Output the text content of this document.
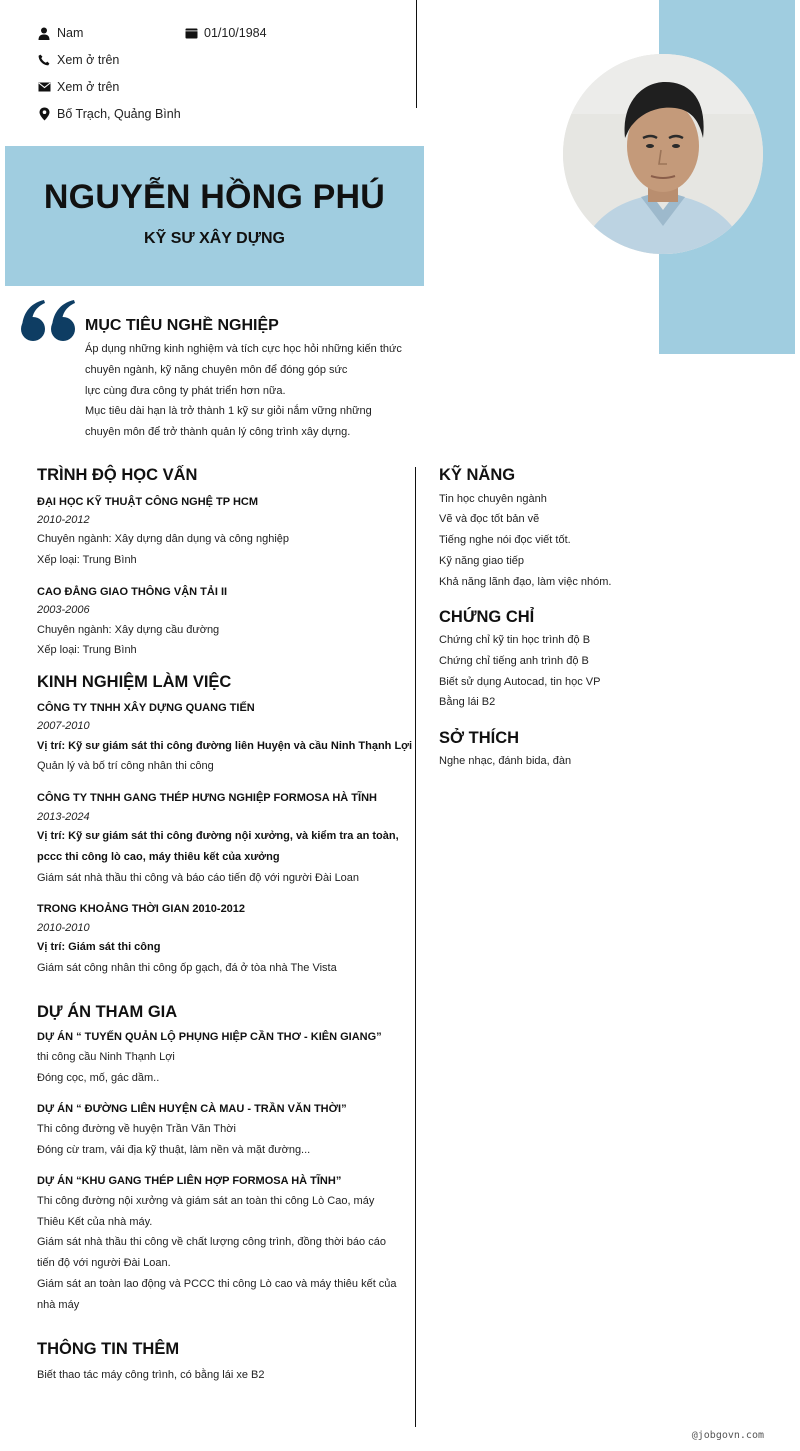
Nam	01/10/1984
Xem ở trên
Xem ở trên
Bố Trạch, Quảng Bình
NGUYỄN HỒNG PHÚ
KỸ SƯ XÂY DỰNG
MỤC TIÊU NGHỀ NGHIỆP
Áp dụng những kinh nghiệm và tích cực học hỏi những kiến thức
chuyên ngành, kỹ năng chuyên môn để đóng góp sức
lực cùng đưa công ty phát triển hơn nữa.
Mục tiêu dài hạn là trở thành 1 kỹ sư giỏi nắm vững những
chuyên môn để trở thành quản lý công trình xây dựng.
TRÌNH ĐỘ HỌC VẤN
ĐẠI HỌC KỸ THUẬT CÔNG NGHỆ TP HCM
2010-2012
Chuyên ngành: Xây dựng dân dụng và công nghiệp
Xếp loại: Trung Bình
CAO ĐẲNG GIAO THÔNG VẬN TẢI II
2003-2006
Chuyên ngành: Xây dựng cầu đường
Xếp loại: Trung Bình
KINH NGHIỆM LÀM VIỆC
CÔNG TY TNHH XÂY DỰNG QUANG TIẾN
2007-2010
Vị trí: Kỹ sư giám sát thi công đường liên Huyện và cầu Ninh Thạnh Lợi
Quản lý và bố trí công nhân thi công
CÔNG TY TNHH GANG THÉP HƯNG NGHIỆP FORMOSA HÀ TĨNH
2013-2024
Vị trí: Kỹ sư giám sát thi công đường nội xưởng, và kiểm tra an toàn,
pccc thi công lò cao, máy thiêu kết của xưởng
Giám sát nhà thầu thi công và báo cáo tiến độ với người Đài Loan
TRONG KHOẢNG THỜI GIAN 2010-2012
2010-2010
Vị trí: Giám sát thi công
Giám sát công nhân thi công ốp gạch, đá ở tòa nhà The Vista
DỰ ÁN THAM GIA
DỰ ÁN “ TUYẾN QUẢN LỘ PHỤNG HIỆP CẦN THƠ - KIÊN GIANG”
thi công cầu Ninh Thạnh Lợi
Đóng cọc, mố, gác dầm..
DỰ ÁN “ ĐƯỜNG LIÊN HUYỆN CÀ MAU - TRẦN VĂN THỜI”
Thi công đường về huyện Trần Văn Thời
Đóng cừ tram, vải địa kỹ thuật, làm nền và mặt đường...
DỰ ÁN “KHU GANG THÉP LIÊN HỢP FORMOSA HÀ TĨNH”
Thi công đường nội xưởng và giám sát an toàn thi công Lò Cao, máy
Thiêu Kết của nhà máy.
Giám sát nhà thầu thi công về chất lượng công trình, đồng thời báo cáo
tiến độ với người Đài Loan.
Giám sát an toàn lao động và PCCC thi công Lò cao và máy thiêu kết của
nhà máy
THÔNG TIN THÊM
Biết thao tác máy công trình, có bằng lái xe B2
KỸ NĂNG
Tin học chuyên ngành
Vẽ và đọc tốt bản vẽ
Tiếng nghe nói đọc viết tốt.
Kỹ năng giao tiếp
Khả năng lãnh đạo, làm việc nhóm.
CHỨNG CHỈ
Chứng chỉ kỹ tin học trình độ B
Chứng chỉ tiếng anh trình độ B
Biết sử dụng Autocad, tin học VP
Bằng lái B2
SỞ THÍCH
Nghe nhạc, đánh bida, đàn
@jobgovn.com
